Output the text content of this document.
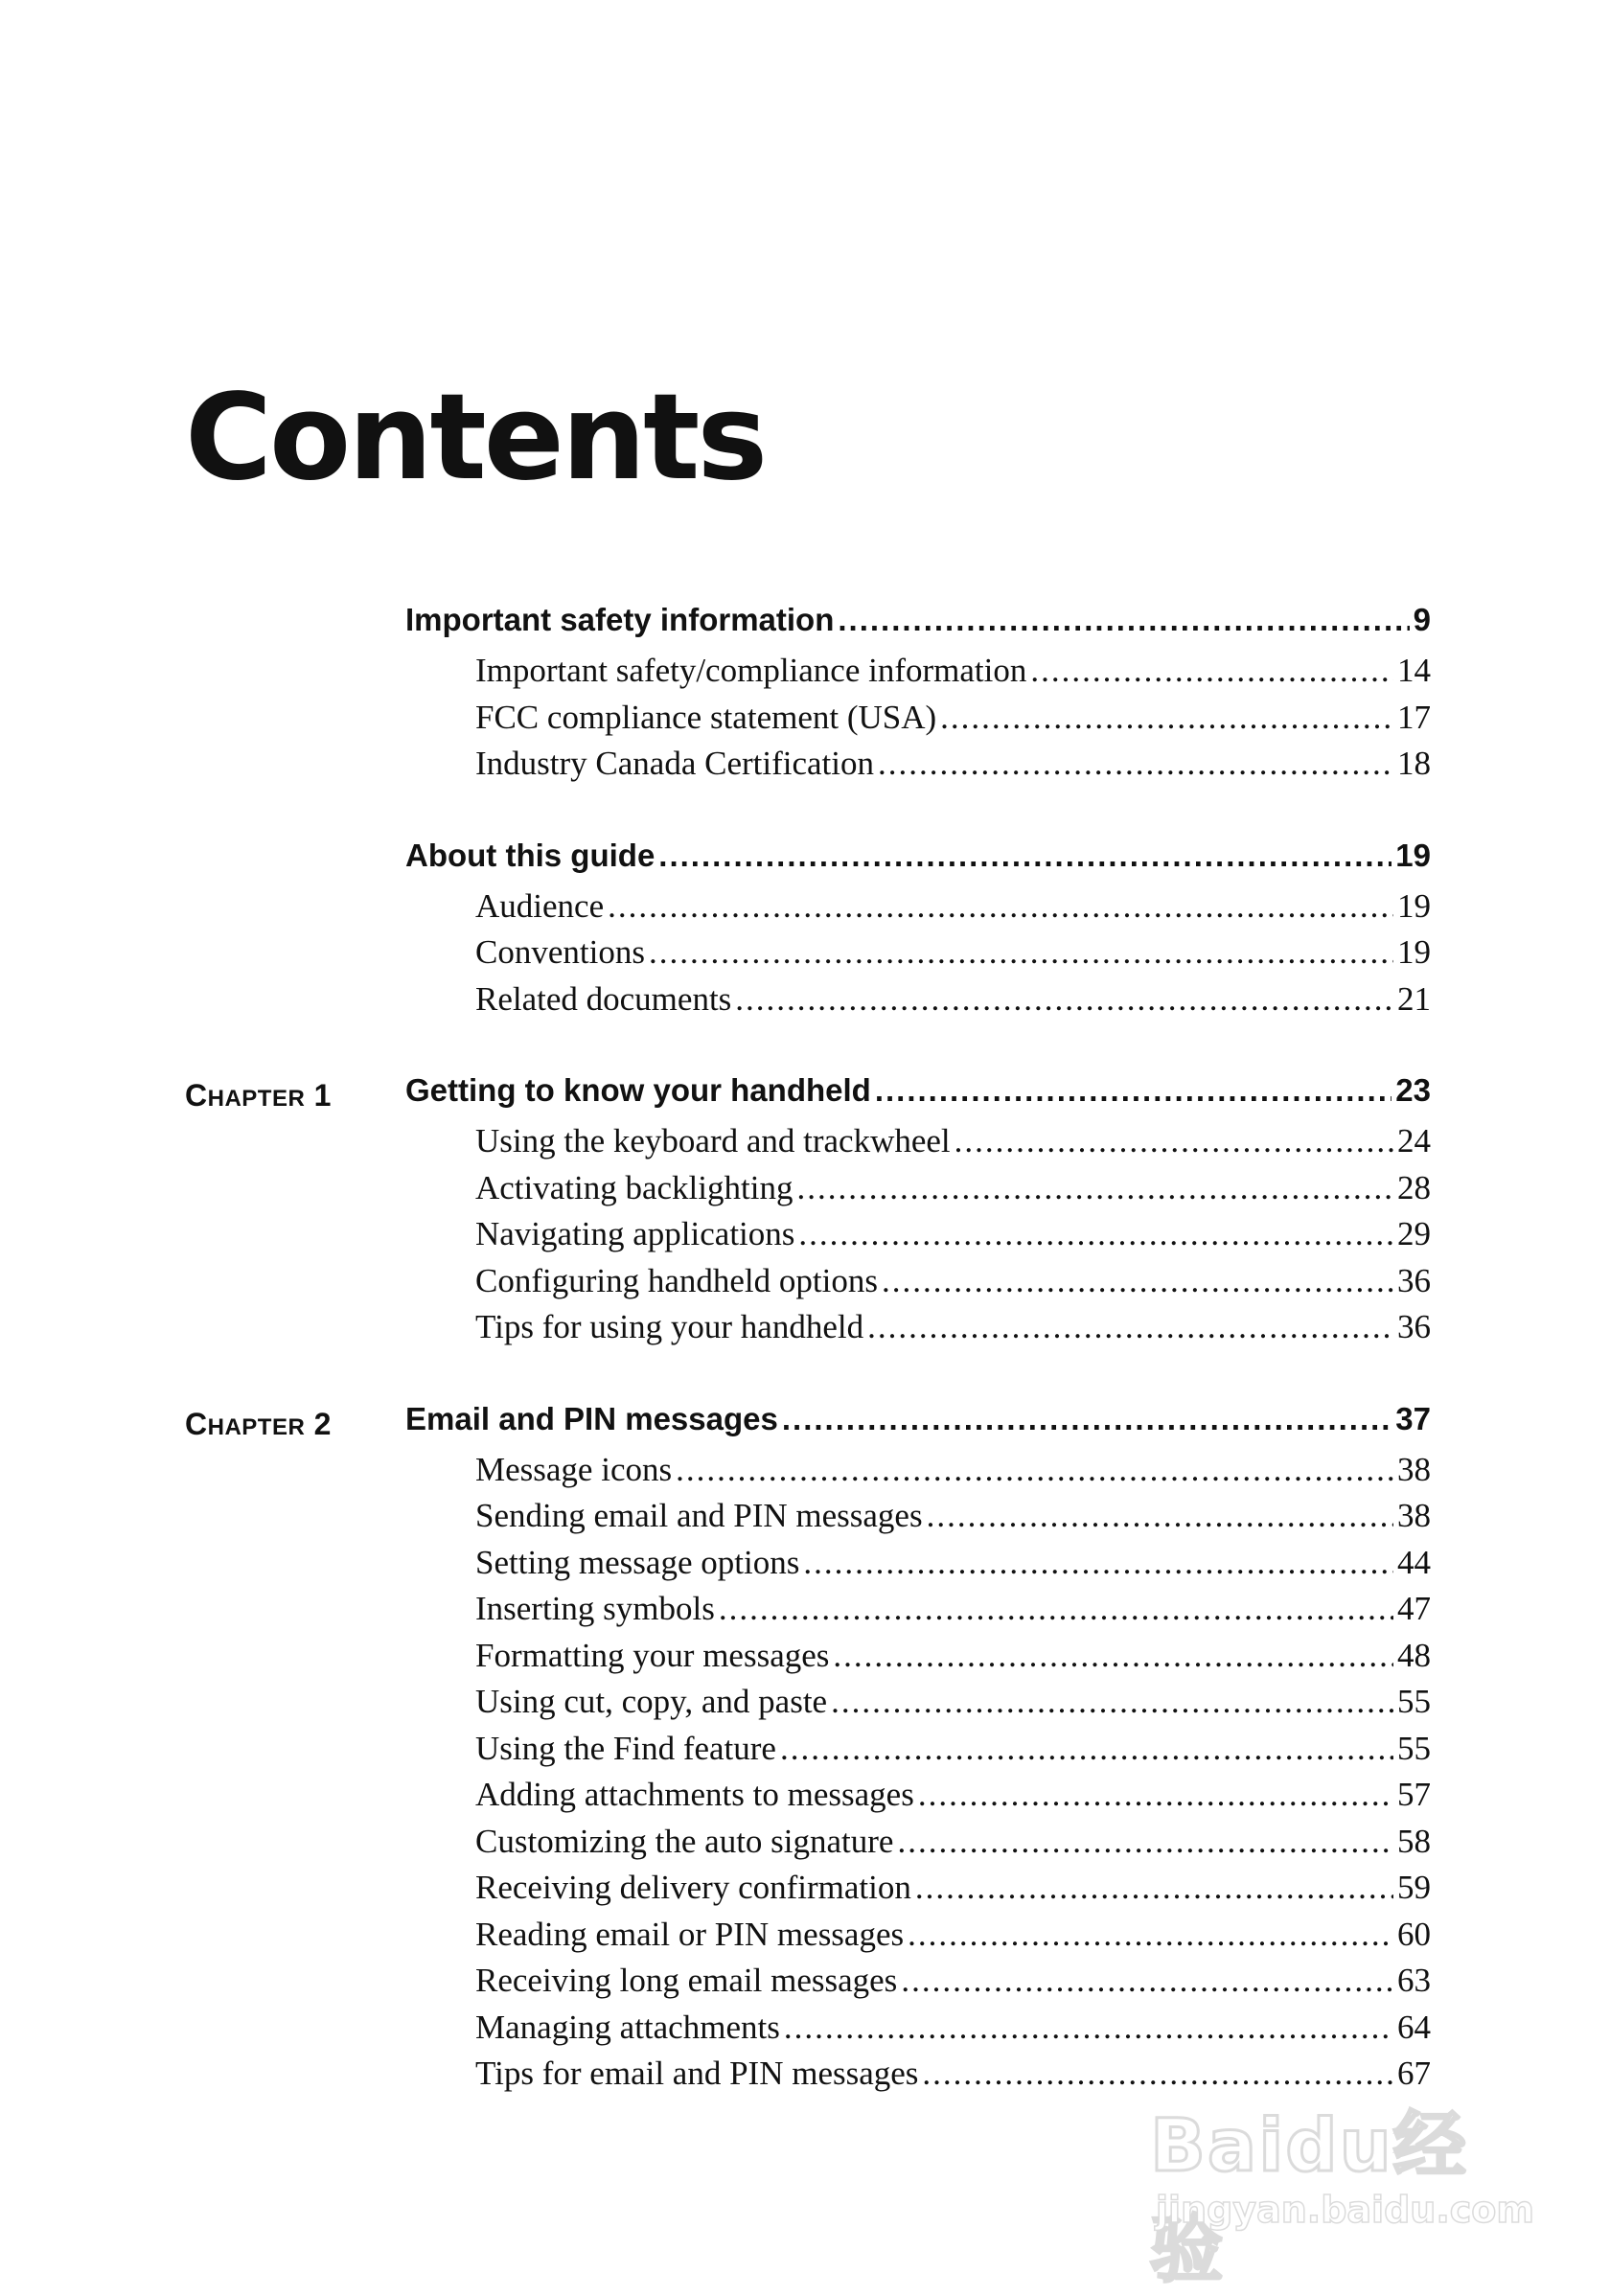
Contents
Important safety information .....	9
Important safety/compliance information .....	14
FCC compliance statement (USA) .....	17
Industry Canada Certification .....	18
About this guide .....	19
Audience .....	19
Conventions .....	19
Related documents .....	21
CHAPTER 1 Getting to know your handheld .....	23
Using the keyboard and trackwheel .....	24
Activating backlighting .....	28
Navigating applications .....	29
Configuring handheld options .....	36
Tips for using your handheld .....	36
CHAPTER 2 Email and PIN messages .....	37
Message icons .....	38
Sending email and PIN messages .....	38
Setting message options .....	44
Inserting symbols .....	47
Formatting your messages .....	48
Using cut, copy, and paste .....	55
Using the Find feature .....	55
Adding attachments to messages .....	57
Customizing the auto signature .....	58
Receiving delivery confirmation .....	59
Reading email or PIN messages .....	60
Receiving long email messages .....	63
Managing attachments .....	64
Tips for email and PIN messages .....	67
Baidu经验
jingyan.baidu.com
